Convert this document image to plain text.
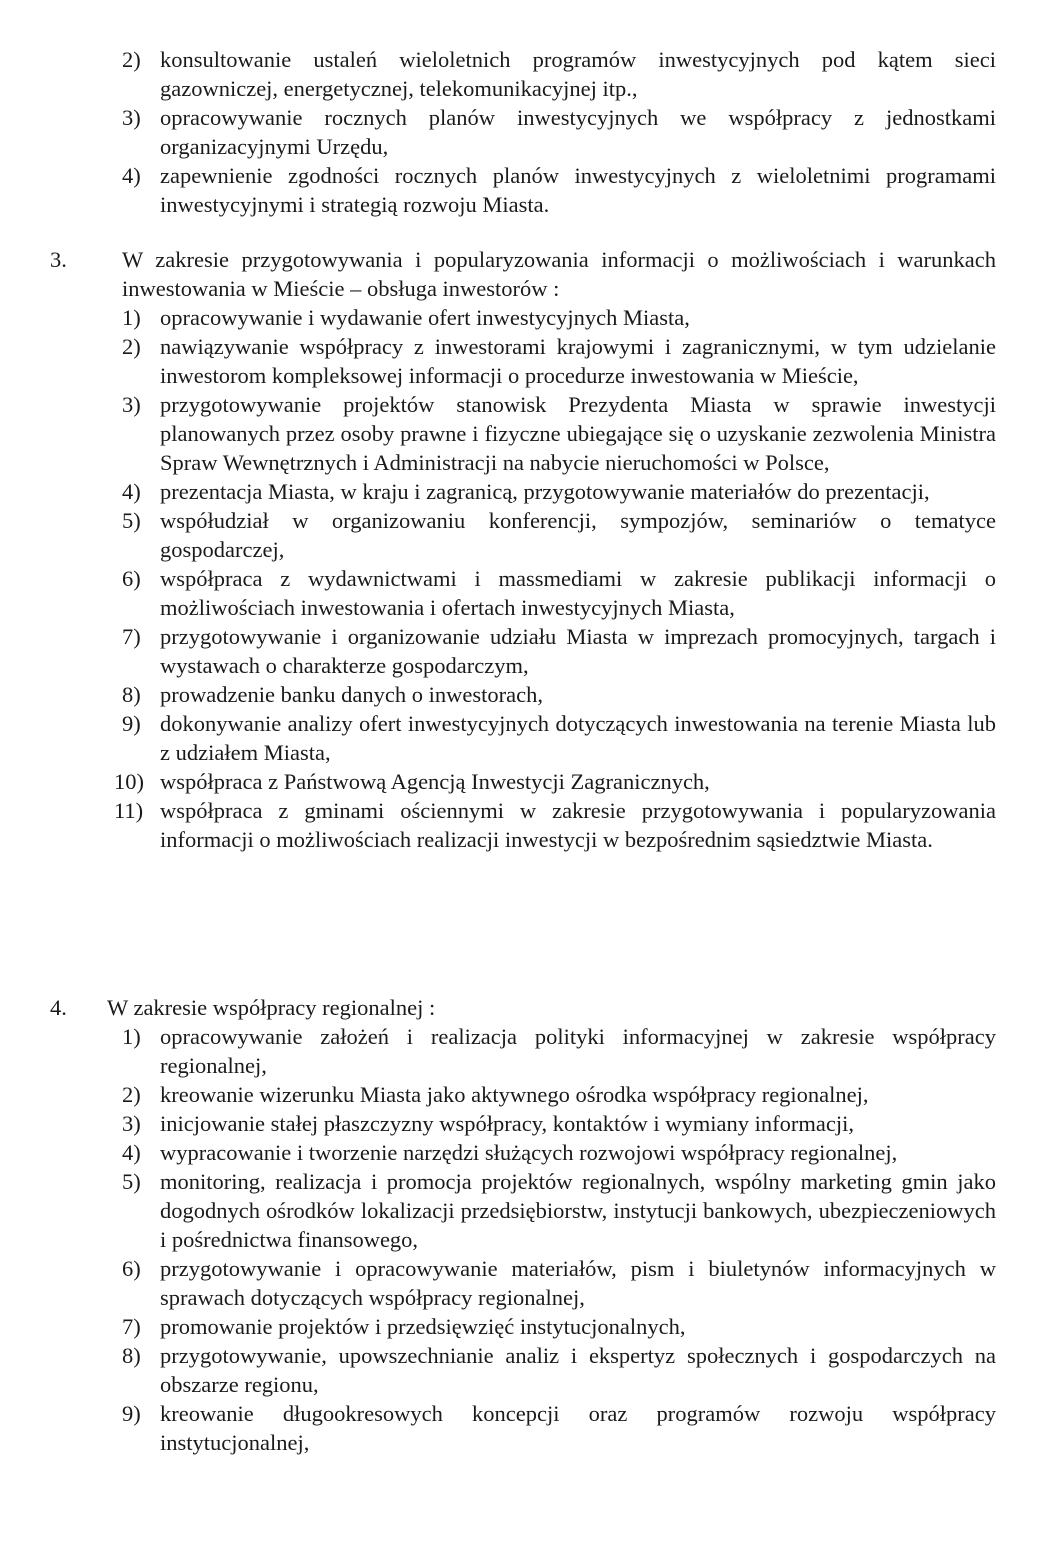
2) konsultowanie ustaleń wieloletnich programów inwestycyjnych pod kątem sieci gazowniczej, energetycznej, telekomunikacyjnej itp.,
3) opracowywanie rocznych planów inwestycyjnych we współpracy z jednostkami organizacyjnymi Urzędu,
4) zapewnienie zgodności rocznych planów inwestycyjnych z wieloletnimi programami inwestycyjnymi i strategią rozwoju Miasta.

3. W zakresie przygotowywania i popularyzowania informacji o możliwościach i warunkach inwestowania w Mieście – obsługa inwestorów :

1) opracowywanie i wydawanie ofert inwestycyjnych Miasta,
2) nawiązywanie współpracy z inwestorami krajowymi i zagranicznymi, w tym udzielanie inwestorom kompleksowej informacji o procedurze inwestowania w Mieście,
3) przygotowywanie projektów stanowisk Prezydenta Miasta w sprawie inwestycji planowanych przez osoby prawne i fizyczne ubiegające się o uzyskanie zezwolenia Ministra Spraw Wewnętrznych i Administracji na nabycie nieruchomości w Polsce,
4) prezentacja Miasta, w kraju i zagranicą, przygotowywanie materiałów do prezentacji,
5) współudział w organizowaniu konferencji, sympozjów, seminariów o tematyce gospodarczej,
6) współpraca z wydawnictwami i massmediami w zakresie publikacji informacji o możliwościach inwestowania i ofertach inwestycyjnych Miasta,
7) przygotowywanie i organizowanie udziału Miasta w imprezach promocyjnych, targach i wystawach o charakterze gospodarczym,
8) prowadzenie banku danych o inwestorach,
9) dokonywanie analizy ofert inwestycyjnych dotyczących inwestowania na terenie Miasta lub z udziałem Miasta,
10) współpraca z Państwową Agencją Inwestycji Zagranicznych,
11) współpraca z gminami ościennymi w zakresie przygotowywania i popularyzowania informacji o możliwościach realizacji inwestycji w bezpośrednim sąsiedztwie Miasta.

4. W zakresie współpracy regionalnej :

1) opracowywanie założeń i realizacja polityki informacyjnej w zakresie współpracy regionalnej,
2) kreowanie wizerunku Miasta jako aktywnego ośrodka współpracy regionalnej,
3) inicjowanie stałej płaszczyzny współpracy, kontaktów i wymiany informacji,
4) wypracowanie i tworzenie narzędzi służących rozwojowi współpracy regionalnej,
5) monitoring, realizacja i promocja projektów regionalnych, wspólny marketing gmin jako dogodnych ośrodków lokalizacji przedsiębiorstw, instytucji bankowych, ubezpieczeniowych i pośrednictwa finansowego,
6) przygotowywanie i opracowywanie materiałów, pism i biuletynów informacyjnych w sprawach dotyczących współpracy regionalnej,
7) promowanie projektów i przedsięwzięć instytucjonalnych,
8) przygotowywanie, upowszechnianie analiz i ekspertyz społecznych i gospodarczych na obszarze regionu,
9) kreowanie długookresowych koncepcji oraz programów rozwoju współpracy instytucjonalnej,
